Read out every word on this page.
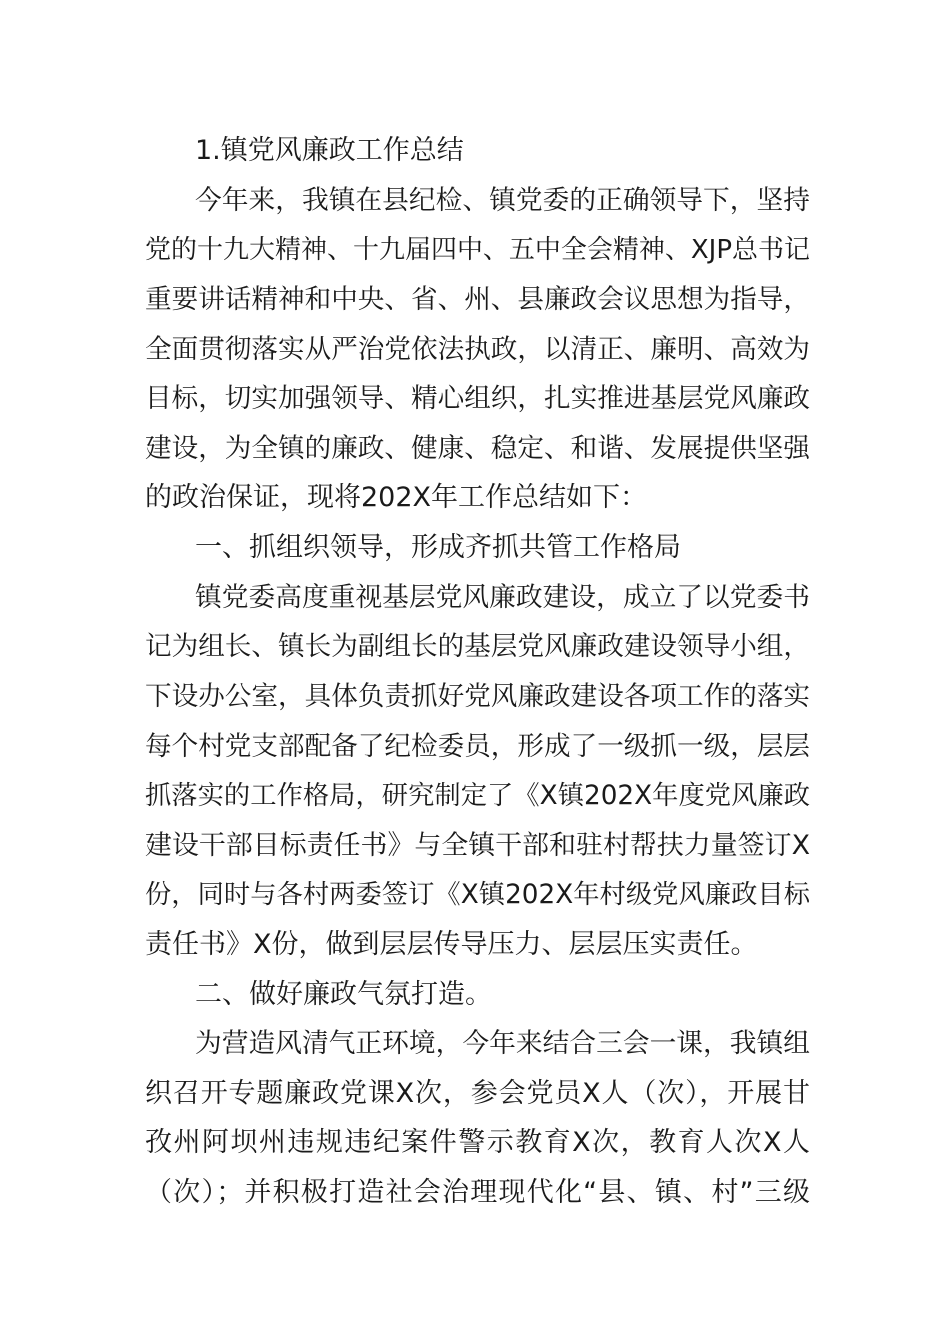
1.镇党风廉政工作总结
今年来，我镇在县纪检、镇党委的正确领导下，坚持
党的十九大精神、十九届四中、五中全会精神、XJP总书记
重要讲话精神和中央、省、州、县廉政会议思想为指导，
全面贯彻落实从严治党依法执政，以清正、廉明、高效为
目标，切实加强领导、精心组织，扎实推进基层党风廉政
建设，为全镇的廉政、健康、稳定、和谐、发展提供坚强
的政治保证，现将202X年工作总结如下：
一、抓组织领导，形成齐抓共管工作格局
镇党委高度重视基层党风廉政建设，成立了以党委书
记为组长、镇长为副组长的基层党风廉政建设领导小组，
下设办公室，具体负责抓好党风廉政建设各项工作的落实
每个村党支部配备了纪检委员，形成了一级抓一级，层层
抓落实的工作格局，研究制定了《X镇202X年度党风廉政
建设干部目标责任书》与全镇干部和驻村帮扶力量签订X
份，同时与各村两委签订《X镇202X年村级党风廉政目标
责任书》X份，做到层层传导压力、层层压实责任。
二、做好廉政气氛打造。
为营造风清气正环境，今年来结合三会一课，我镇组
织召开专题廉政党课X次，参会党员X人（次），开展甘
孜州阿坝州违规违纪案件警示教育X次，教育人次X人
（次）；并积极打造社会治理现代化“县、镇、村”三级
